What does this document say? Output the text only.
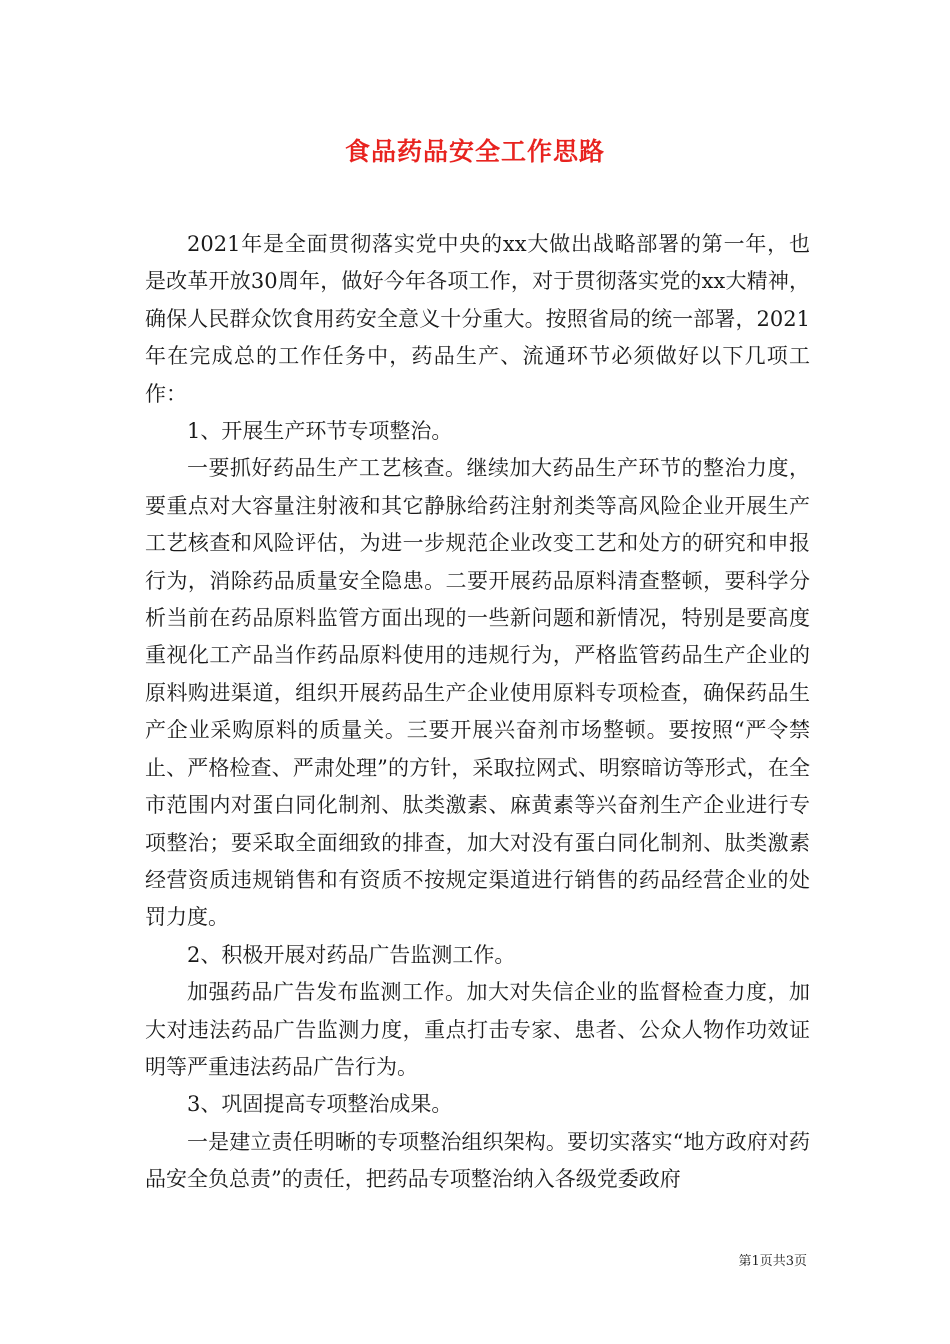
食品药品安全工作思路

2021年是全面贯彻落实党中央的xx大做出战略部署的第一年，也是改革开放30周年，做好今年各项工作，对于贯彻落实党的xx大精神，确保人民群众饮食用药安全意义十分重大。按照省局的统一部署，2021年在完成总的工作任务中，药品生产、流通环节必须做好以下几项工作：

1、开展生产环节专项整治。

一要抓好药品生产工艺核查。继续加大药品生产环节的整治力度，要重点对大容量注射液和其它静脉给药注射剂类等高风险企业开展生产工艺核查和风险评估，为进一步规范企业改变工艺和处方的研究和申报行为，消除药品质量安全隐患。二要开展药品原料清查整顿，要科学分析当前在药品原料监管方面出现的一些新问题和新情况，特别是要高度重视化工产品当作药品原料使用的违规行为，严格监管药品生产企业的原料购进渠道，组织开展药品生产企业使用原料专项检查，确保药品生产企业采购原料的质量关。三要开展兴奋剂市场整顿。要按照“严令禁止、严格检查、严肃处理”的方针，采取拉网式、明察暗访等形式，在全市范围内对蛋白同化制剂、肽类激素、麻黄素等兴奋剂生产企业进行专项整治；要采取全面细致的排查，加大对没有蛋白同化制剂、肽类激素经营资质违规销售和有资质不按规定渠道进行销售的药品经营企业的处罚力度。

2、积极开展对药品广告监测工作。

加强药品广告发布监测工作。加大对失信企业的监督检查力度，加大对违法药品广告监测力度，重点打击专家、患者、公众人物作功效证明等严重违法药品广告行为。

3、巩固提高专项整治成果。

一是建立责任明晰的专项整治组织架构。要切实落实“地方政府对药品安全负总责”的责任，把药品专项整治纳入各级党委政府

第1页共3页
